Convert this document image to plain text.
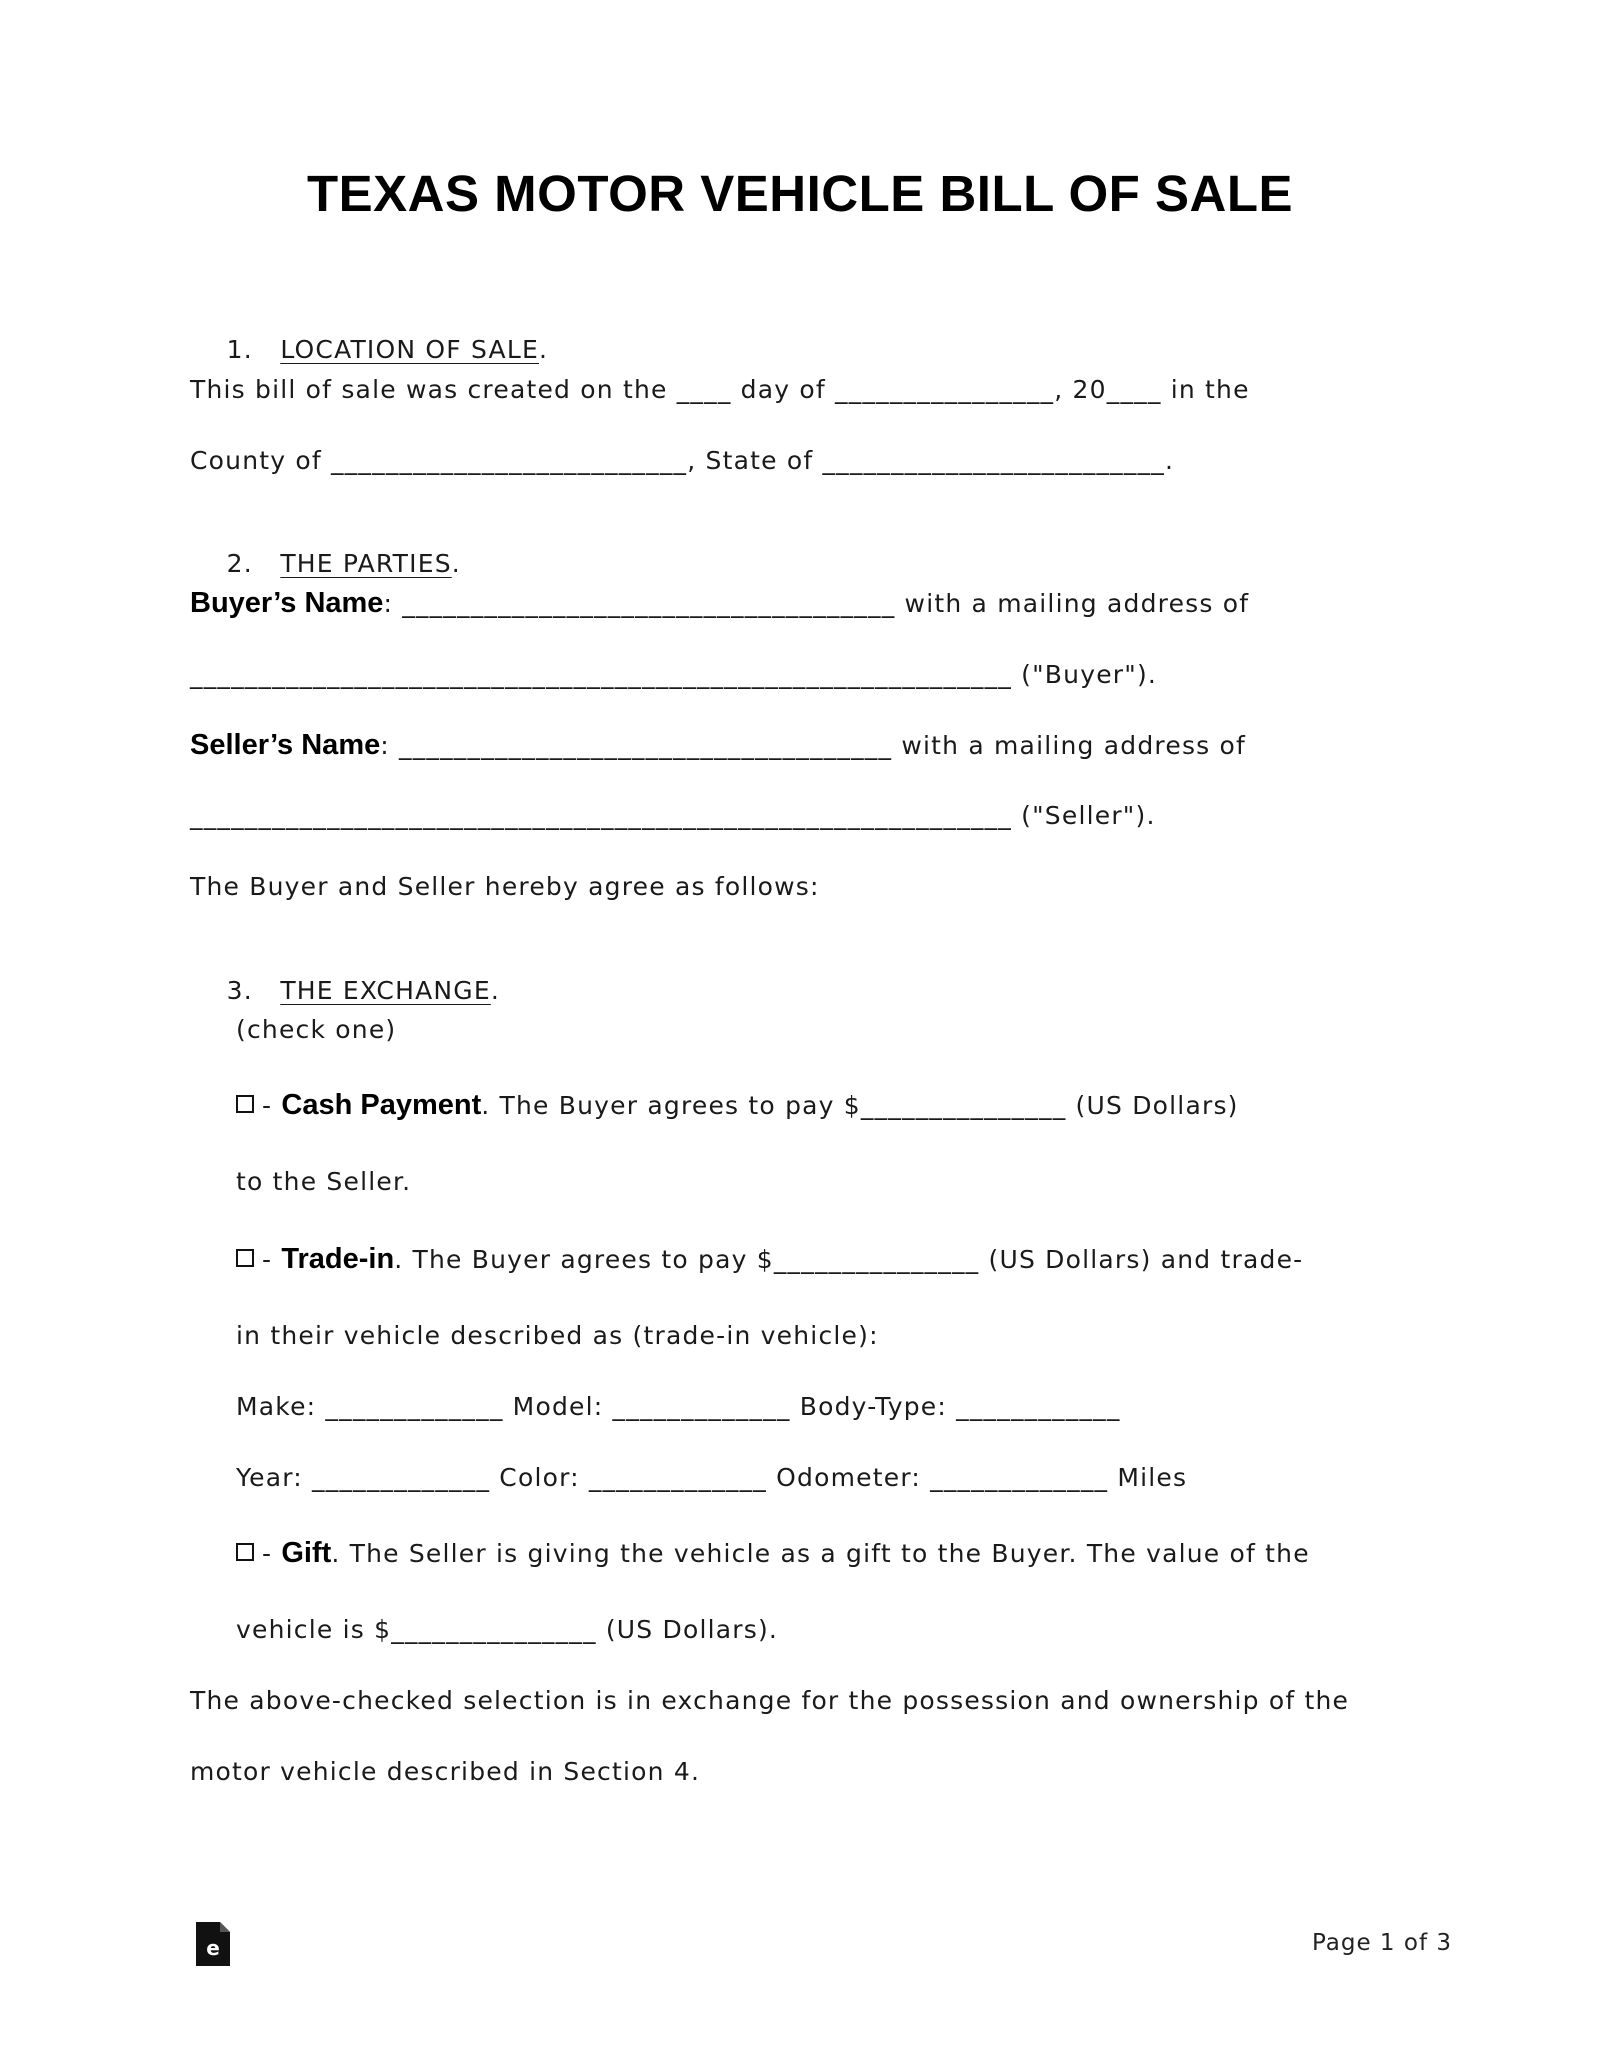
TEXAS MOTOR VEHICLE BILL OF SALE

1. LOCATION OF SALE.
This bill of sale was created on the ____ day of ________________, 20____ in the
County of __________________________, State of _________________________.

2. THE PARTIES.
Buyer’s Name: ____________________________________ with a mailing address of
____________________________________________________________ ("Buyer").
Seller’s Name: ____________________________________ with a mailing address of
____________________________________________________________ ("Seller").
The Buyer and Seller hereby agree as follows:

3. THE EXCHANGE.
(check one)
- Cash Payment. The Buyer agrees to pay $_______________ (US Dollars)
to the Seller.
- Trade-in. The Buyer agrees to pay $_______________ (US Dollars) and trade-
in their vehicle described as (trade-in vehicle):
Make: _____________ Model: _____________ Body-Type: ____________
Year: _____________ Color: _____________ Odometer: _____________ Miles
- Gift. The Seller is giving the vehicle as a gift to the Buyer. The value of the
vehicle is $_______________ (US Dollars).
The above-checked selection is in exchange for the possession and ownership of the
motor vehicle described in Section 4.
e	Page 1 of 3
